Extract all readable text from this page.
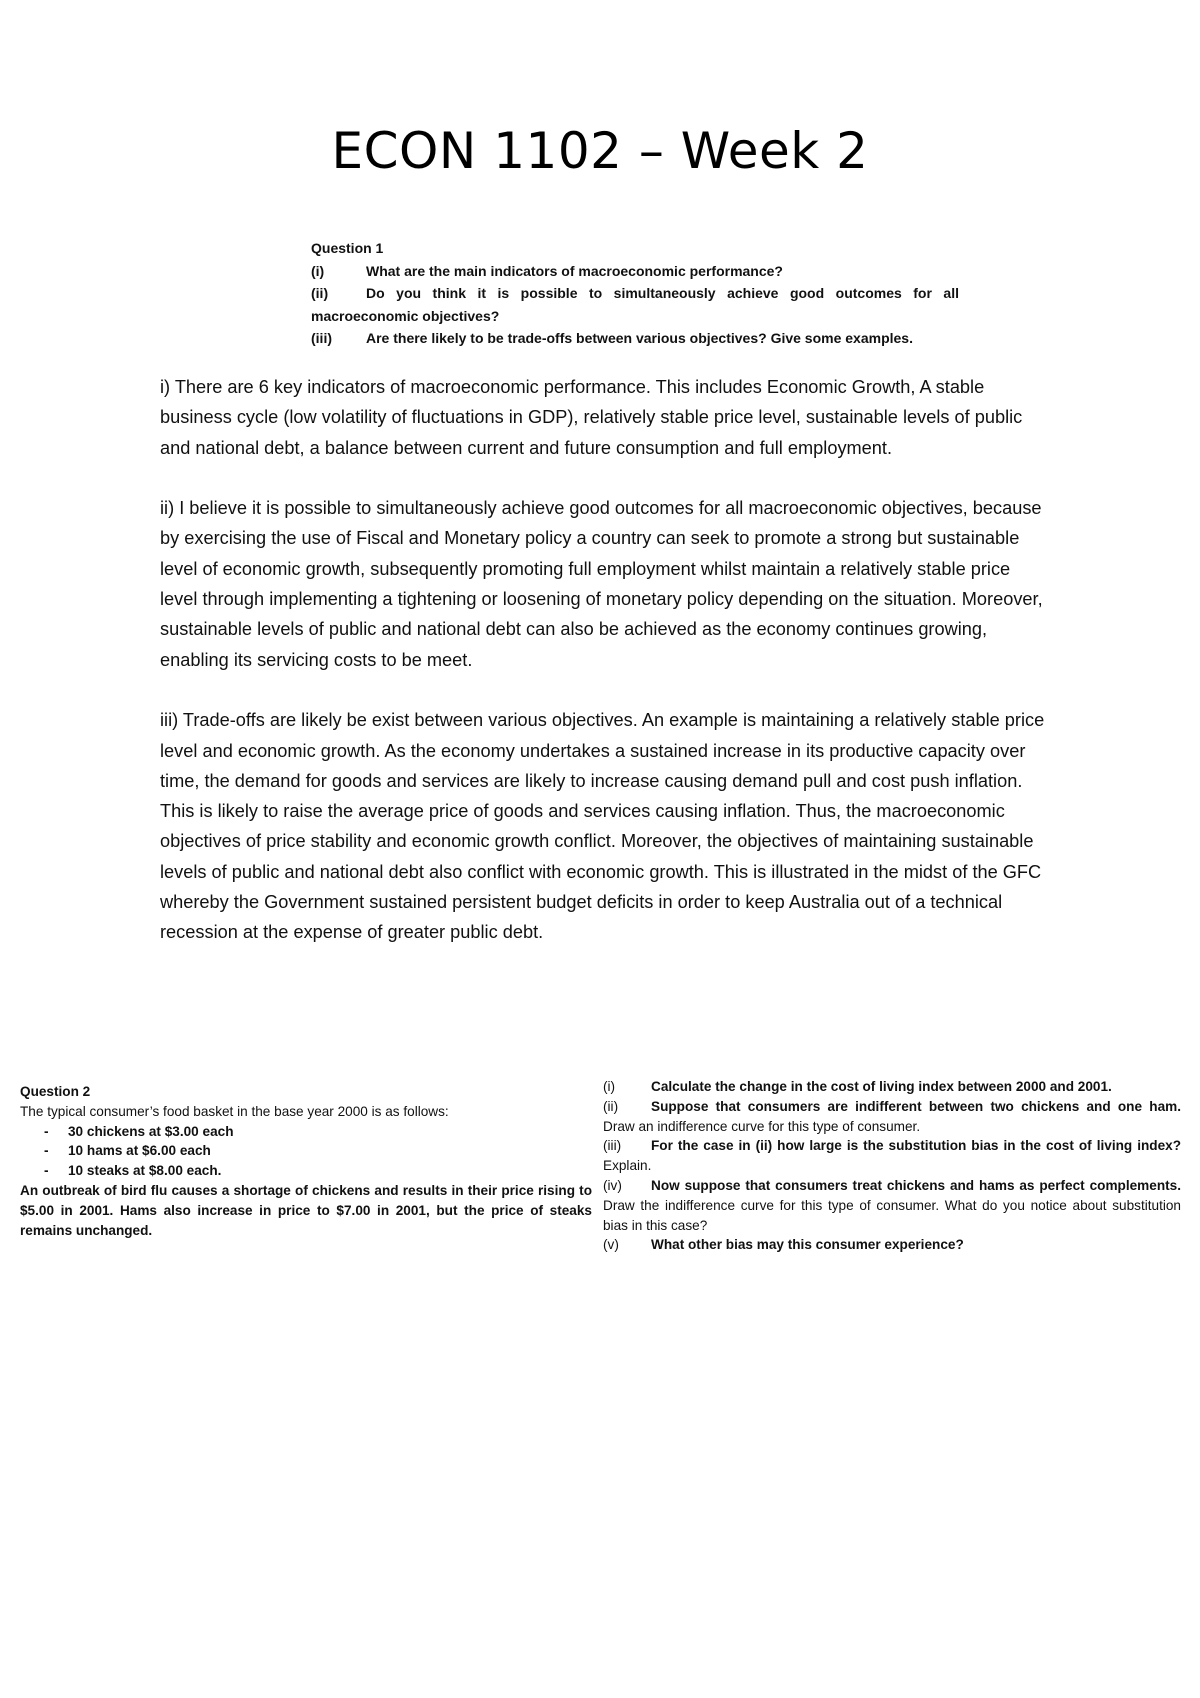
ECON 1102 – Week 2
Question 1
(i)	What are the main indicators of macroeconomic performance?
(ii)	Do you think it is possible to simultaneously achieve good outcomes for all macroeconomic objectives?
(iii) Are there likely to be trade-offs between various objectives? Give some examples.

i) There are 6 key indicators of macroeconomic performance. This includes Economic Growth, A stable business cycle (low volatility of fluctuations in GDP), relatively stable price level, sustainable levels of public and national debt, a balance between current and future consumption and full employment.

ii) I believe it is possible to simultaneously achieve good outcomes for all macroeconomic objectives, because by exercising the use of Fiscal and Monetary policy a country can seek to promote a strong but sustainable level of economic growth, subsequently promoting full employment whilst maintain a relatively stable price level through implementing a tightening or loosening of monetary policy depending on the situation. Moreover, sustainable levels of public and national debt can also be achieved as the economy continues growing, enabling its servicing costs to be meet.

iii) Trade-offs are likely be exist between various objectives. An example is maintaining a relatively stable price level and economic growth. As the economy undertakes a sustained increase in its productive capacity over time, the demand for goods and services are likely to increase causing demand pull and cost push inflation. This is likely to raise the average price of goods and services causing inflation. Thus, the macroeconomic objectives of price stability and economic growth conflict. Moreover, the objectives of maintaining sustainable levels of public and national debt also conflict with economic growth. This is illustrated in the midst of the GFC whereby the Government sustained persistent budget deficits in order to keep Australia out of a technical recession at the expense of greater public debt.

Question 2
The typical consumer’s food basket in the base year 2000 is as follows:
- 30 chickens at $3.00 each
- 10 hams at $6.00 each
- 10 steaks at $8.00 each.
An outbreak of bird flu causes a shortage of chickens and results in their price rising to $5.00 in 2001. Hams also increase in price to $7.00 in 2001, but the price of steaks remains unchanged.
(i)	Calculate the change in the cost of living index between 2000 and 2001.
(ii) Suppose that consumers are indifferent between two chickens and one ham. Draw an indifference curve for this type of consumer.
(iii) For the case in (ii) how large is the substitution bias in the cost of living index? Explain.
(iv) Now suppose that consumers treat chickens and hams as perfect complements. Draw the indifference curve for this type of consumer. What do you notice about substitution bias in this case?
(v) What other bias may this consumer experience?
